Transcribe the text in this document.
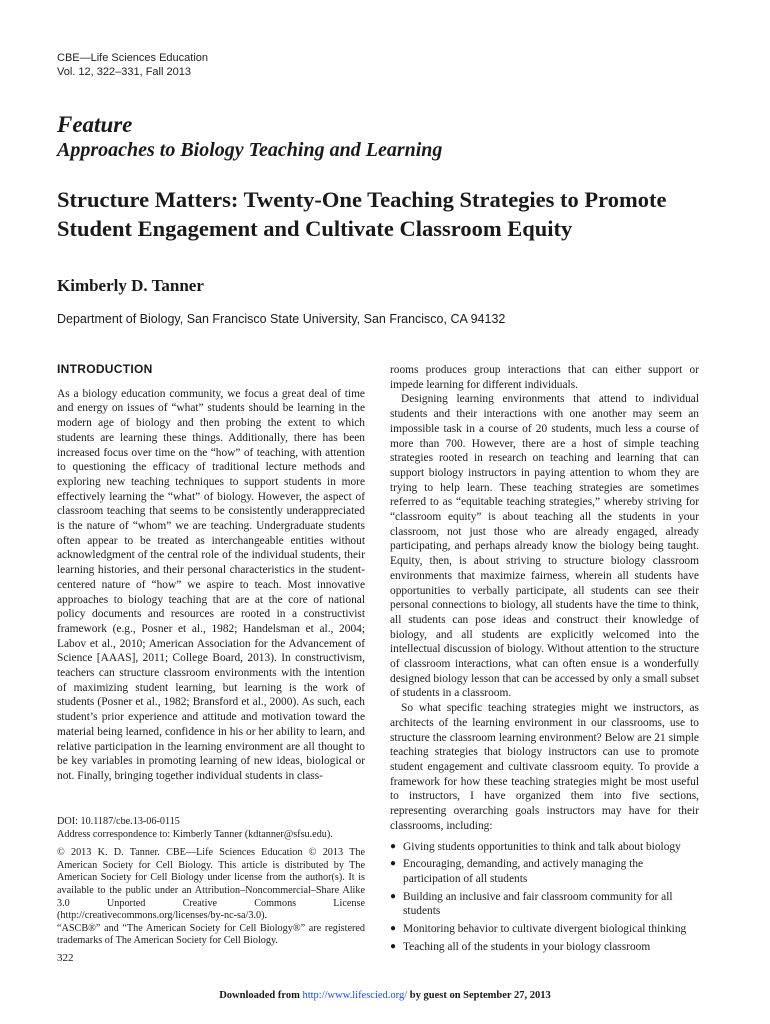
CBE—Life Sciences Education
Vol. 12, 322–331, Fall 2013
Feature
Approaches to Biology Teaching and Learning
Structure Matters: Twenty-One Teaching Strategies to Promote Student Engagement and Cultivate Classroom Equity
Kimberly D. Tanner
Department of Biology, San Francisco State University, San Francisco, CA 94132
INTRODUCTION

As a biology education community, we focus a great deal of time and energy on issues of “what” students should be learning in the modern age of biology and then probing the extent to which students are learning these things. Additionally, there has been increased focus over time on the “how” of teaching, with attention to questioning the efficacy of traditional lecture methods and exploring new teaching techniques to support students in more effectively learning the “what” of biology. However, the aspect of classroom teaching that seems to be consistently underappreciated is the nature of “whom” we are teaching. Undergraduate students often appear to be treated as interchangeable entities without acknowledgment of the central role of the individual students, their learning histories, and their personal characteristics in the student-centered nature of “how” we aspire to teach. Most innovative approaches to biology teaching that are at the core of national policy documents and resources are rooted in a constructivist framework (e.g., Posner et al., 1982; Handelsman et al., 2004; Labov et al., 2010; American Association for the Advancement of Science [AAAS], 2011; College Board, 2013). In constructivism, teachers can structure classroom environments with the intention of maximizing student learning, but learning is the work of students (Posner et al., 1982; Bransford et al., 2000). As such, each student’s prior experience and attitude and motivation toward the material being learned, confidence in his or her ability to learn, and relative participation in the learning environment are all thought to be key variables in promoting learning of new ideas, biological or not. Finally, bringing together individual students in class-

rooms produces group interactions that can either support or impede learning for different individuals.

Designing learning environments that attend to individual students and their interactions with one another may seem an impossible task in a course of 20 students, much less a course of more than 700. However, there are a host of simple teaching strategies rooted in research on teaching and learning that can support biology instructors in paying attention to whom they are trying to help learn. These teaching strategies are sometimes referred to as “equitable teaching strategies,” whereby striving for “classroom equity” is about teaching all the students in your classroom, not just those who are already engaged, already participating, and perhaps already know the biology being taught. Equity, then, is about striving to structure biology classroom environments that maximize fairness, wherein all students have opportunities to verbally participate, all students can see their personal connections to biology, all students have the time to think, all students can pose ideas and construct their knowledge of biology, and all students are explicitly welcomed into the intellectual discussion of biology. Without attention to the structure of classroom interactions, what can often ensue is a wonderfully designed biology lesson that can be accessed by only a small subset of students in a classroom.

So what specific teaching strategies might we instructors, as architects of the learning environment in our classrooms, use to structure the classroom learning environment? Below are 21 simple teaching strategies that biology instructors can use to promote student engagement and cultivate classroom equity. To provide a framework for how these teaching strategies might be most useful to instructors, I have organized them into five sections, representing overarching goals instructors may have for their classrooms, including:

● Giving students opportunities to think and talk about biology
● Encouraging, demanding, and actively managing the participation of all students
● Building an inclusive and fair classroom community for all students
● Monitoring behavior to cultivate divergent biological thinking
● Teaching all of the students in your biology classroom

DOI: 10.1187/cbe.13-06-0115

Address correspondence to: Kimberly Tanner (kdtanner@sfsu.edu).

© 2013 K. D. Tanner. CBE—Life Sciences Education © 2013 The American Society for Cell Biology. This article is distributed by The American Society for Cell Biology under license from the author(s). It is available to the public under an Attribution–Noncommercial–Share Alike 3.0 Unported Creative Commons License (http://creativecommons.org/licenses/by-nc-sa/3.0).

“ASCB®” and “The American Society for Cell Biology®” are registered trademarks of The American Society for Cell Biology.

322
Downloaded from http://www.lifescied.org/ by guest on September 27, 2013
